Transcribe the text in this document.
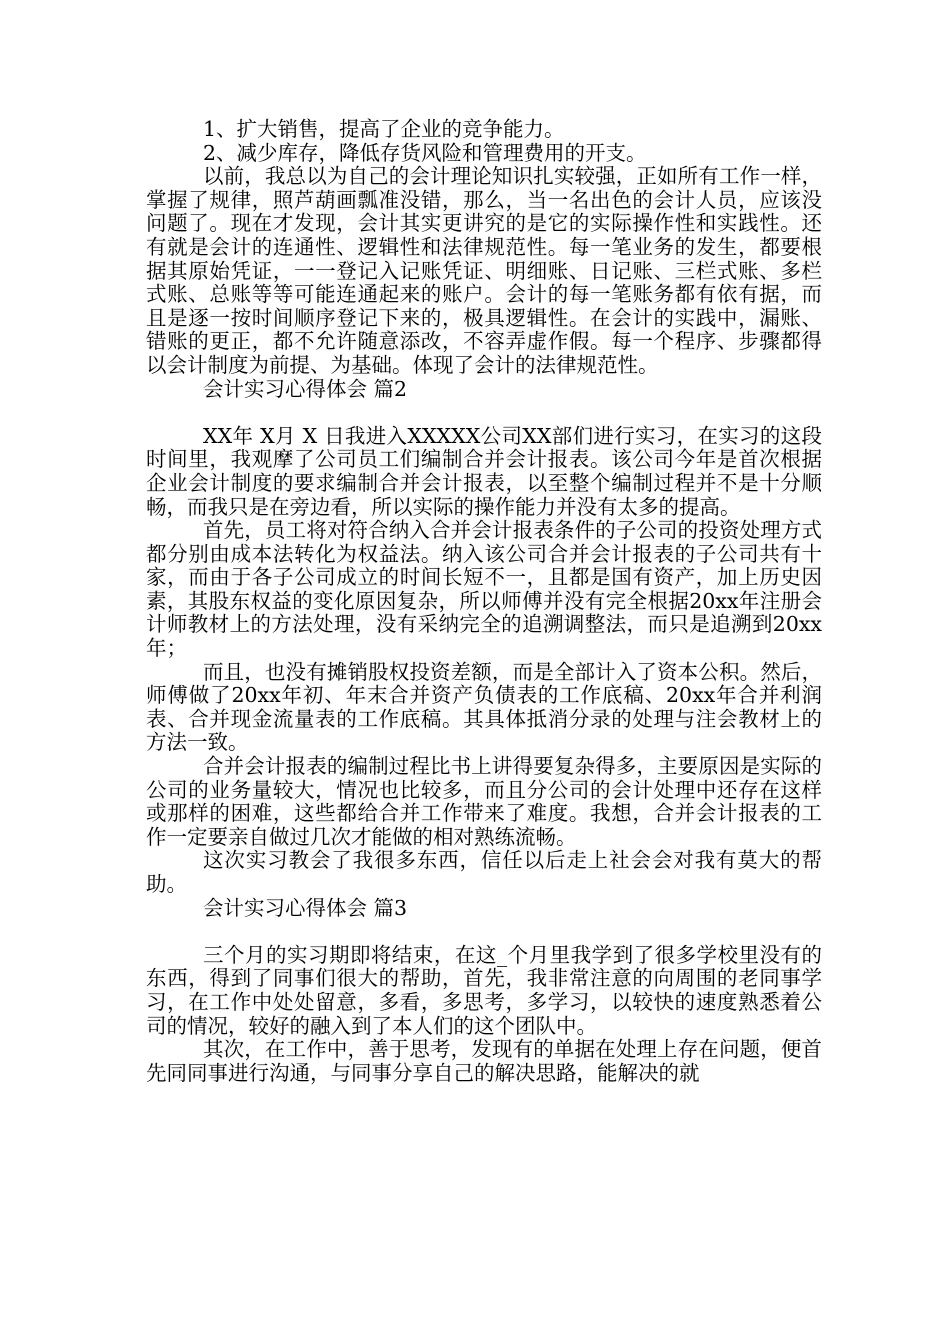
1、扩大销售，提高了企业的竞争能力。

2、减少库存，降低存货风险和管理费用的开支。

以前，我总以为自己的会计理论知识扎实较强，正如所有工作一样，掌握了规律，照芦葫画瓢准没错，那么，当一名出色的会计人员，应该没问题了。现在才发现，会计其实更讲究的是它的实际操作性和实践性。还有就是会计的连通性、逻辑性和法律规范性。每一笔业务的发生，都要根据其原始凭证，一一登记入记账凭证、明细账、日记账、三栏式账、多栏式账、总账等等可能连通起来的账户。会计的每一笔账务都有依有据，而且是逐一按时间顺序登记下来的，极具逻辑性。在会计的实践中，漏账、错账的更正，都不允许随意添改，不容弄虚作假。每一个程序、步骤都得以会计制度为前提、为基础。体现了会计的法律规范性。

会计实习心得体会 篇2

XX年 X月 X 日我进入XXXXX公司XX部们进行实习，在实习的这段时间里，我观摩了公司员工们编制合并会计报表。该公司今年是首次根据企业会计制度的要求编制合并会计报表，以至整个编制过程并不是十分顺畅，而我只是在旁边看，所以实际的操作能力并没有太多的提高。

首先，员工将对符合纳入合并会计报表条件的子公司的投资处理方式都分别由成本法转化为权益法。纳入该公司合并会计报表的子公司共有十家，而由于各子公司成立的时间长短不一，且都是国有资产，加上历史因素，其股东权益的变化原因复杂，所以师傅并没有完全根据20xx年注册会计师教材上的方法处理，没有采纳完全的追溯调整法，而只是追溯到20xx年；

而且，也没有摊销股权投资差额，而是全部计入了资本公积。然后，师傅做了20xx年初、年末合并资产负债表的工作底稿、20xx年合并利润表、合并现金流量表的工作底稿。其具体抵消分录的处理与注会教材上的方法一致。

合并会计报表的编制过程比书上讲得要复杂得多，主要原因是实际的公司的业务量较大，情况也比较多，而且分公司的会计处理中还存在这样或那样的困难，这些都给合并工作带来了难度。我想，合并会计报表的工作一定要亲自做过几次才能做的相对熟练流畅。

这次实习教会了我很多东西，信任以后走上社会会对我有莫大的帮助。

会计实习心得体会 篇3

三个月的实习期即将结束，在这_个月里我学到了很多学校里没有的东西，得到了同事们很大的帮助，首先，我非常注意的向周围的老同事学习，在工作中处处留意，多看，多思考，多学习，以较快的速度熟悉着公司的情况，较好的融入到了本人们的这个团队中。

其次，在工作中，善于思考，发现有的单据在处理上存在问题，便首先同同事进行沟通，与同事分享自己的解决思路，能解决的就
